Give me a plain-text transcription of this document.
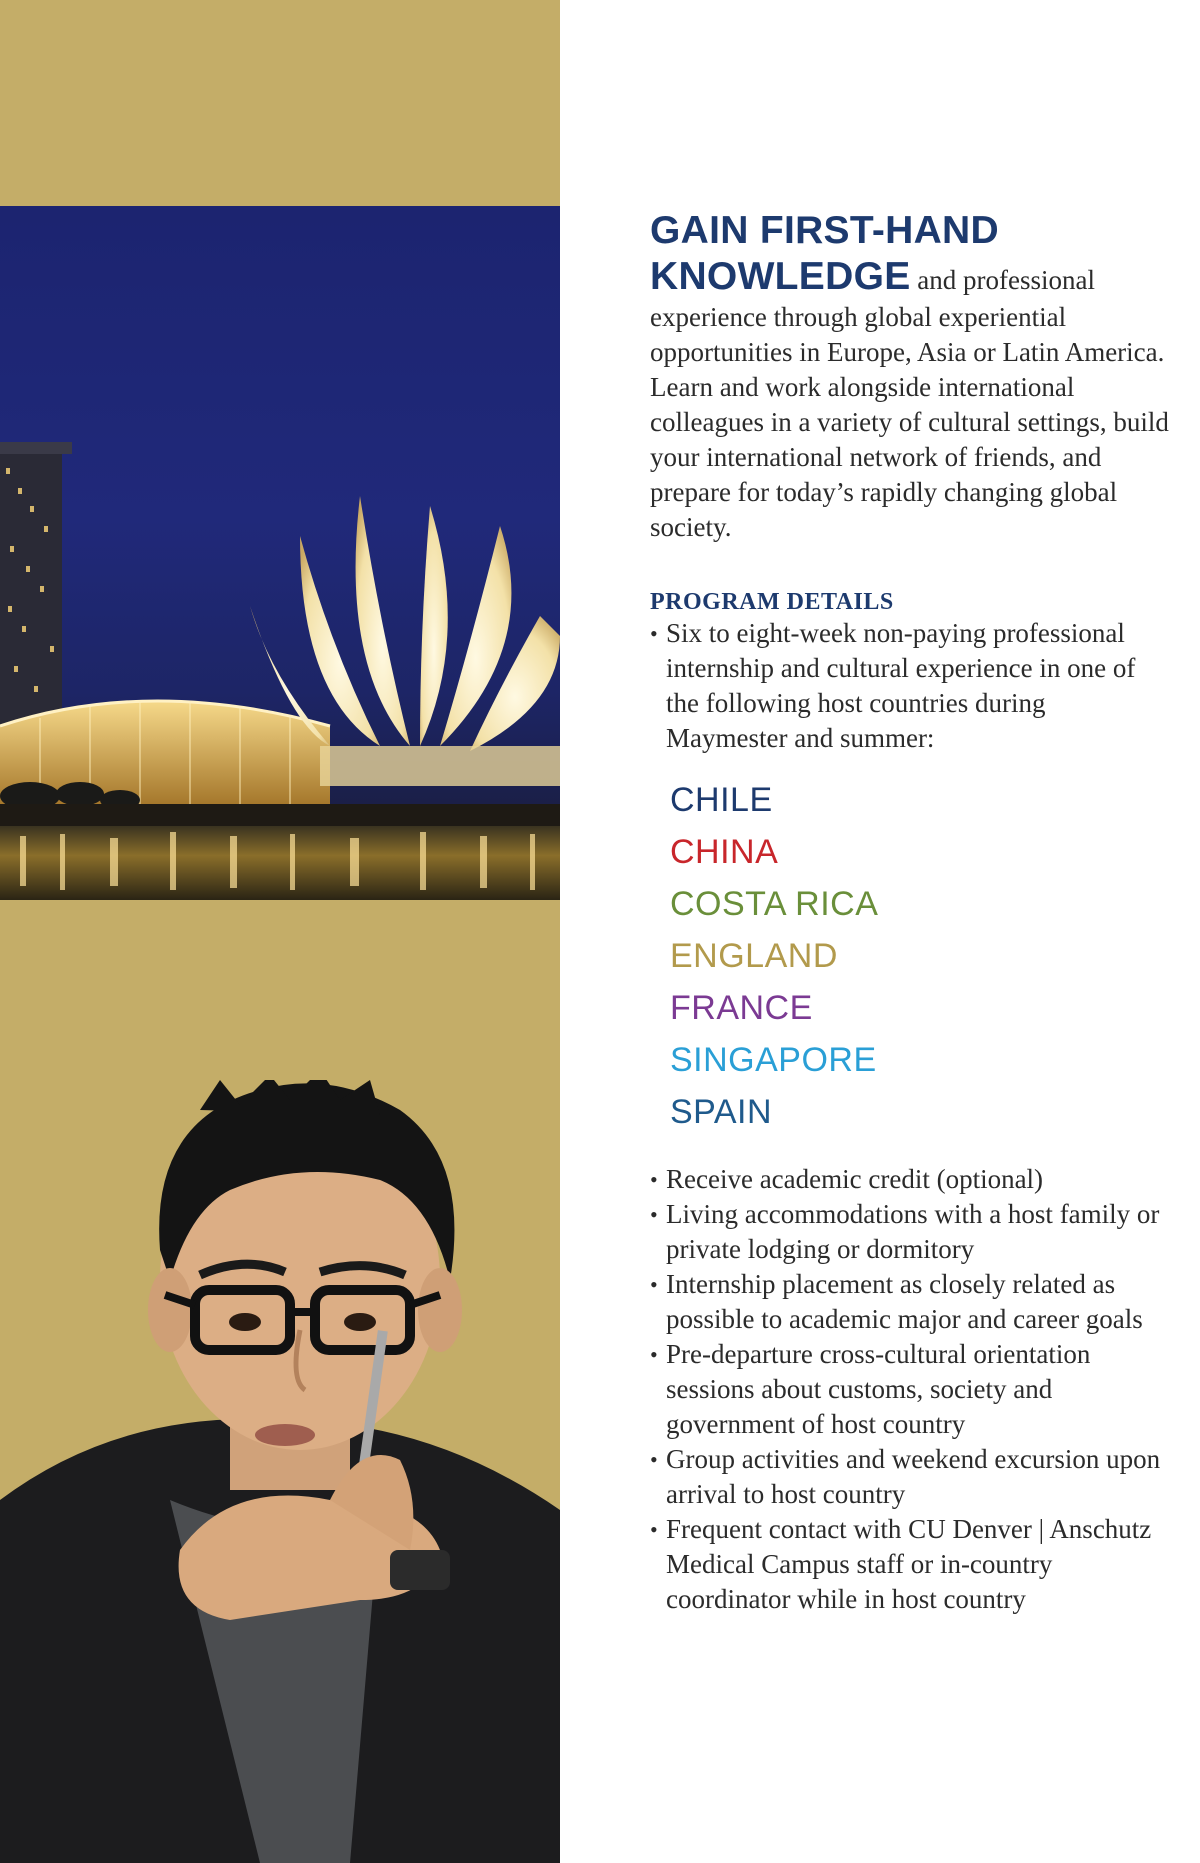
GAIN FIRST-HAND
KNOWLEDGE and professional experience through global experiential opportunities in Europe, Asia or Latin America. Learn and work alongside international colleagues in a variety of cultural settings, build your international network of friends, and prepare for today’s rapidly changing global society.

PROGRAM DETAILS
• Six to eight-week non-paying professional internship and cultural experience in one of the following host countries during Maymester and summer:
CHILE
CHINA
COSTA RICA
ENGLAND
FRANCE
SINGAPORE
SPAIN
• Receive academic credit (optional)
• Living accommodations with a host family or private lodging or dormitory
• Internship placement as closely related as possible to academic major and career goals
• Pre-departure cross-cultural orientation sessions about customs, society and government of host country
• Group activities and weekend excursion upon arrival to host country
• Frequent contact with CU Denver | Anschutz Medical Campus staff or in-country coordinator while in host country
